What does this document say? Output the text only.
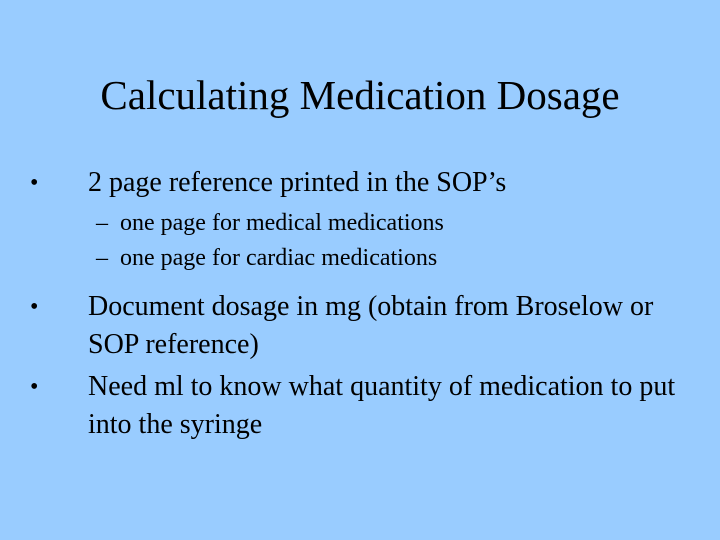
Calculating Medication Dosage
• 2 page reference printed in the SOP’s
– one page for medical medications
– one page for cardiac medications
• Document dosage in mg (obtain from Broselow or SOP reference)
• Need ml to know what quantity of medication to put into the syringe
